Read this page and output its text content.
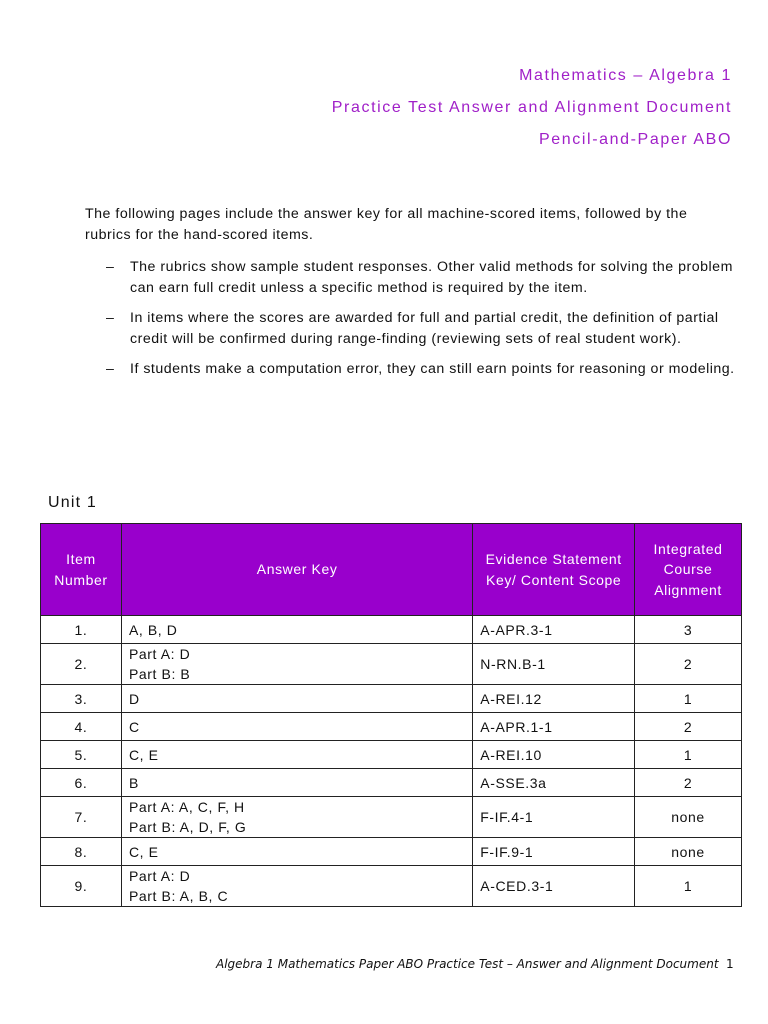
Mathematics – Algebra 1
Practice Test Answer and Alignment Document
Pencil-and-Paper ABO

The following pages include the answer key for all machine-scored items, followed by the rubrics for the hand-scored items.

– The rubrics show sample student responses. Other valid methods for solving the problem can earn full credit unless a specific method is required by the item.
– In items where the scores are awarded for full and partial credit, the definition of partial credit will be confirmed during range-finding (reviewing sets of real student work).
– If students make a computation error, they can still earn points for reasoning or modeling.
Unit 1
Item Number	Answer Key	Evidence Statement Key/ Content Scope	Integrated Course Alignment
1.	A, B, D	A-APR.3-1	3
2.	Part A: D
Part B: B	N-RN.B-1	2
3.	D	A-REI.12	1
4.	C	A-APR.1-1	2
5.	C, E	A-REI.10	1
6.	B	A-SSE.3a	2
7.	Part A: A, C, F, H
Part B: A, D, F, G	F-IF.4-1	none
8.	C, E	F-IF.9-1	none
9.	Part A: D
Part B: A, B, C	A-CED.3-1	1
Algebra 1 Mathematics Paper ABO Practice Test – Answer and Alignment Document 1
